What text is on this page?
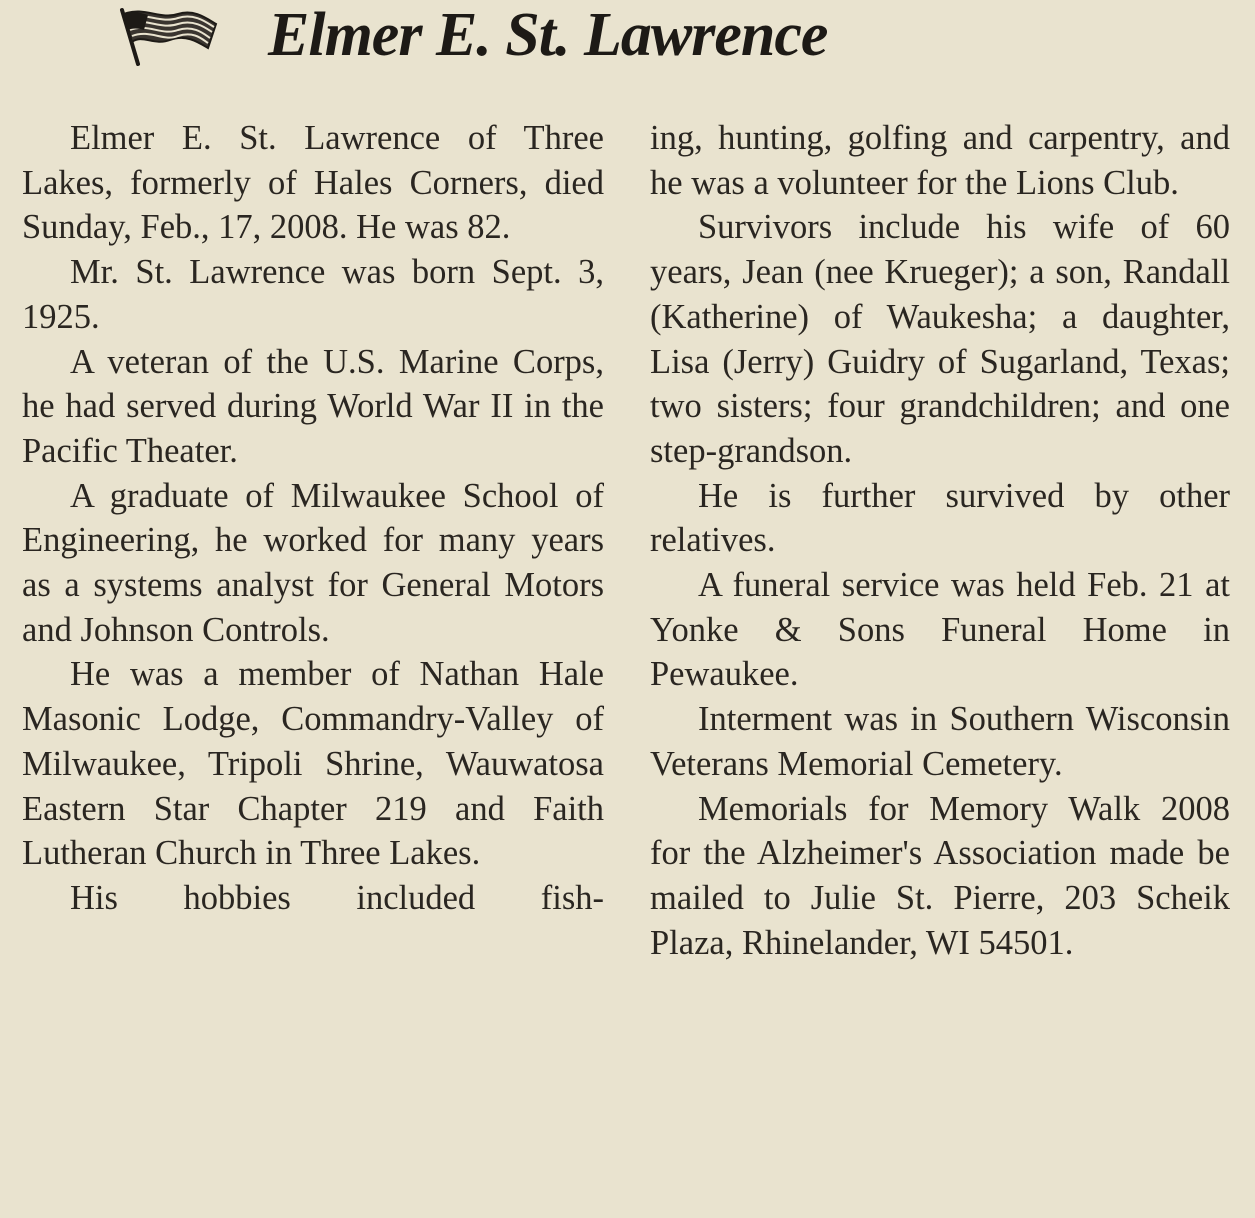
Elmer E. St. Lawrence

Elmer E. St. Lawrence of Three Lakes, formerly of Hales Corners, died Sunday, Feb., 17, 2008. He was 82.

Mr. St. Lawrence was born Sept. 3, 1925.

A veteran of the U.S. Marine Corps, he had served during World War II in the Pacific Theater.

A graduate of Milwaukee School of Engineering, he worked for many years as a systems analyst for General Motors and Johnson Controls.

He was a member of Nathan Hale Masonic Lodge, Commandry-Valley of Milwaukee, Tripoli Shrine, Wauwatosa Eastern Star Chapter 219 and Faith Lutheran Church in Three Lakes.

His hobbies included fish-

ing, hunting, golfing and carpentry, and he was a volunteer for the Lions Club.

Survivors include his wife of 60 years, Jean (nee Krueger); a son, Randall (Katherine) of Waukesha; a daughter, Lisa (Jerry) Guidry of Sugarland, Texas; two sisters; four grandchildren; and one step-grandson.

He is further survived by other relatives.

A funeral service was held Feb. 21 at Yonke & Sons Funeral Home in Pewaukee.

Interment was in Southern Wisconsin Veterans Memorial Cemetery.

Memorials for Memory Walk 2008 for the Alzheimer's Association made be mailed to Julie St. Pierre, 203 Scheik Plaza, Rhinelander, WI 54501.
